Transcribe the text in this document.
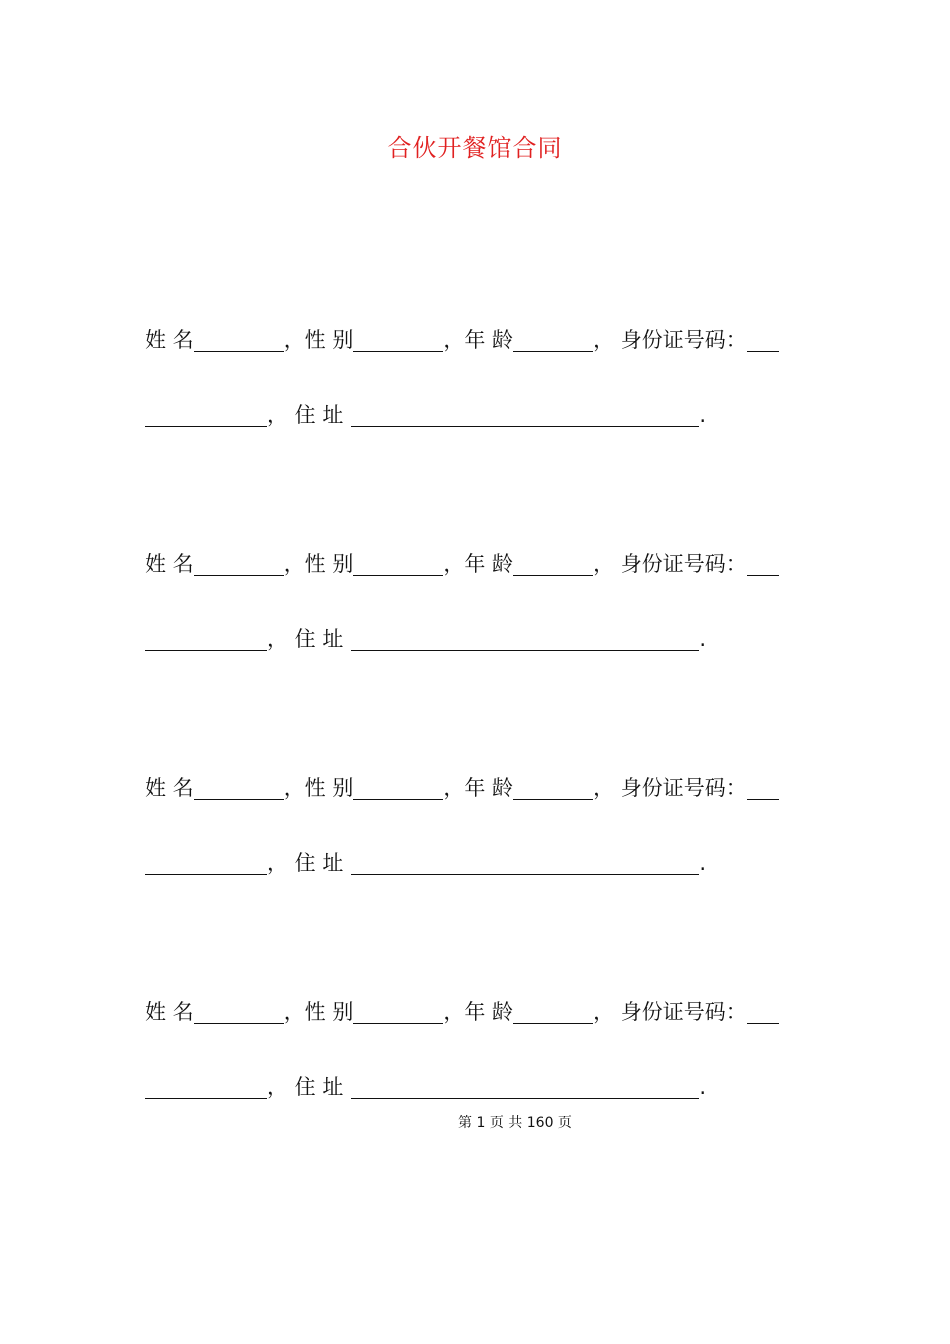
合伙开餐馆合同
姓 名	，性 别	，年 龄	， 身份证号码：
， 住 址	.
姓 名	，性 别	，年 龄	， 身份证号码：
， 住 址	.
姓 名	，性 别	，年 龄	， 身份证号码：
， 住 址	.
姓 名	，性 别	，年 龄	， 身份证号码：
， 住 址	.
第 1 页 共 160 页
